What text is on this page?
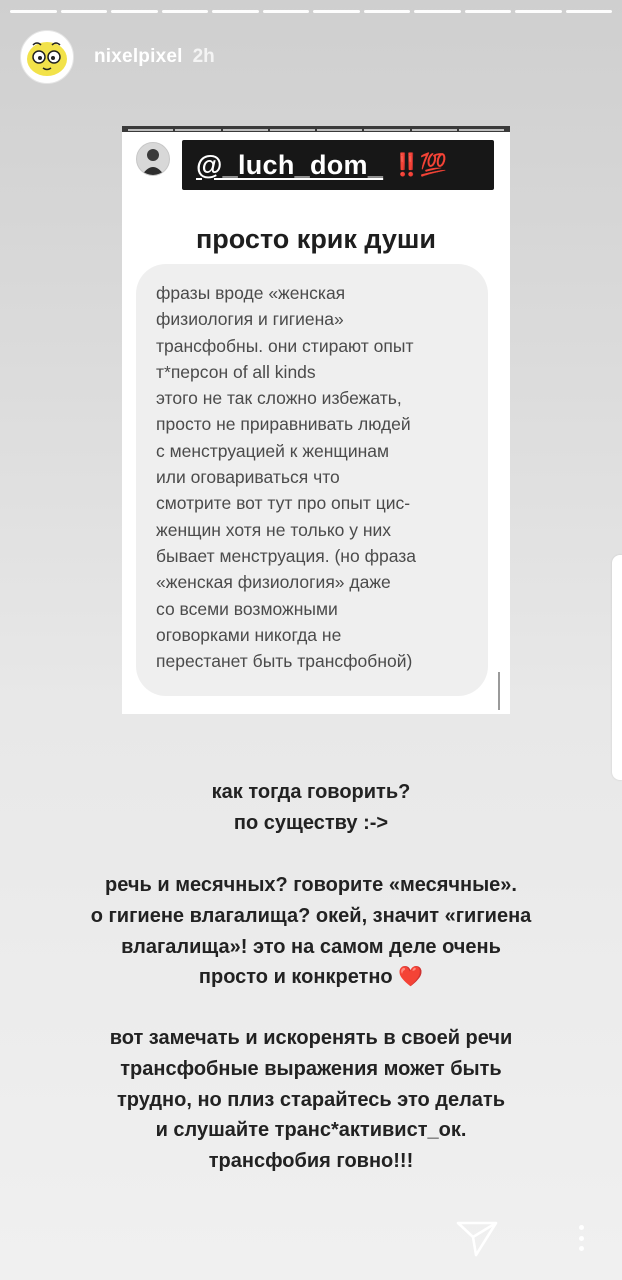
nixelpixel 2h
@_luch_dom_ ‼️💯
просто крик души
фразы вроде «женская
физиология и гигиена»
трансфобны. они стирают опыт
т*персон of all kinds
этого не так сложно избежать,
просто не приравнивать людей
с менструацией к женщинам
или оговариваться что
смотрите вот тут про опыт цис-
женщин хотя не только у них
бывает менструация. (но фраза
«женская физиология» даже
со всеми возможными
оговорками никогда не
перестанет быть трансфобной)
как тогда говорить?
по существу :->
речь и месячных? говорите «месячные».
о гигиене влагалища? окей, значит «гигиена
влагалища»! это на самом деле очень
просто и конкретно ❤️
вот замечать и искоренять в своей речи
трансфобные выражения может быть
трудно, но плиз старайтесь это делать
и слушайте транс*активист_ок.
трансфобия говно!!!
